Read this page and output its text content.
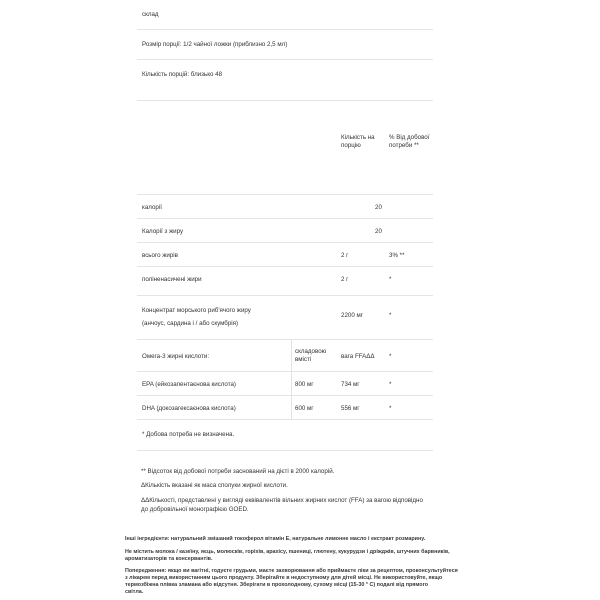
склад
Розмір порції: 1/2 чайної ложки (приблизно 2,5 мл)
Кількість порцій: близько 48
Кількість на
порцію
% Від добової
потреби **
калорії	20
Калорії з жиру	20
всього жирів	2 г	3% **
поліненасичені жири	2 г	*
Концентрат морського риб'ячого жиру
(анчоус, сардина і / або скумбрія)
2200 мг	*
Омега-3 жирні кислоти:
складовою
вмісті	вага FFAΔΔ *
EPA (ейкозапентаєнова кислота)	800 мг	734 мг	*
DHA (докозагексаєнова кислота)	600 мг	556 мг	*
* Добова потреба не визначена.
** Відсоток від добової потреби заснований на дієті в 2000 калорій.
ΔКількість вказані як маса сполуки жирної кислоти.
ΔΔКількості, представлені у вигляді еквівалентів вільних жирних кислот (FFA) за вагою відповідно
до добровільної монографією GOED.
Інші інгредієнти: натуральний змішаний токоферол вітамін Е, натуральне лимонне масло і екстракт розмарину.
Не містить молока / казеїну, яєць, молюсків, горіхів, арахісу, пшениці, глютену, кукурудзи і дріжджів, штучних барвників,
ароматизаторів та консервантів.
Попередження: якщо ви вагітні, годуєте грудьми, маєте захворювання або приймаєте ліки за рецептом, проконсультуйтеся
з лікарем перед використанням цього продукту. Зберігайте в недоступному для дітей місці. Не використовуйте, якщо
термозбіжна плівка зламана або відсутня. Зберігати в прохолодному, сухому місці (15-30 ° C) подалі від прямого
світла.
